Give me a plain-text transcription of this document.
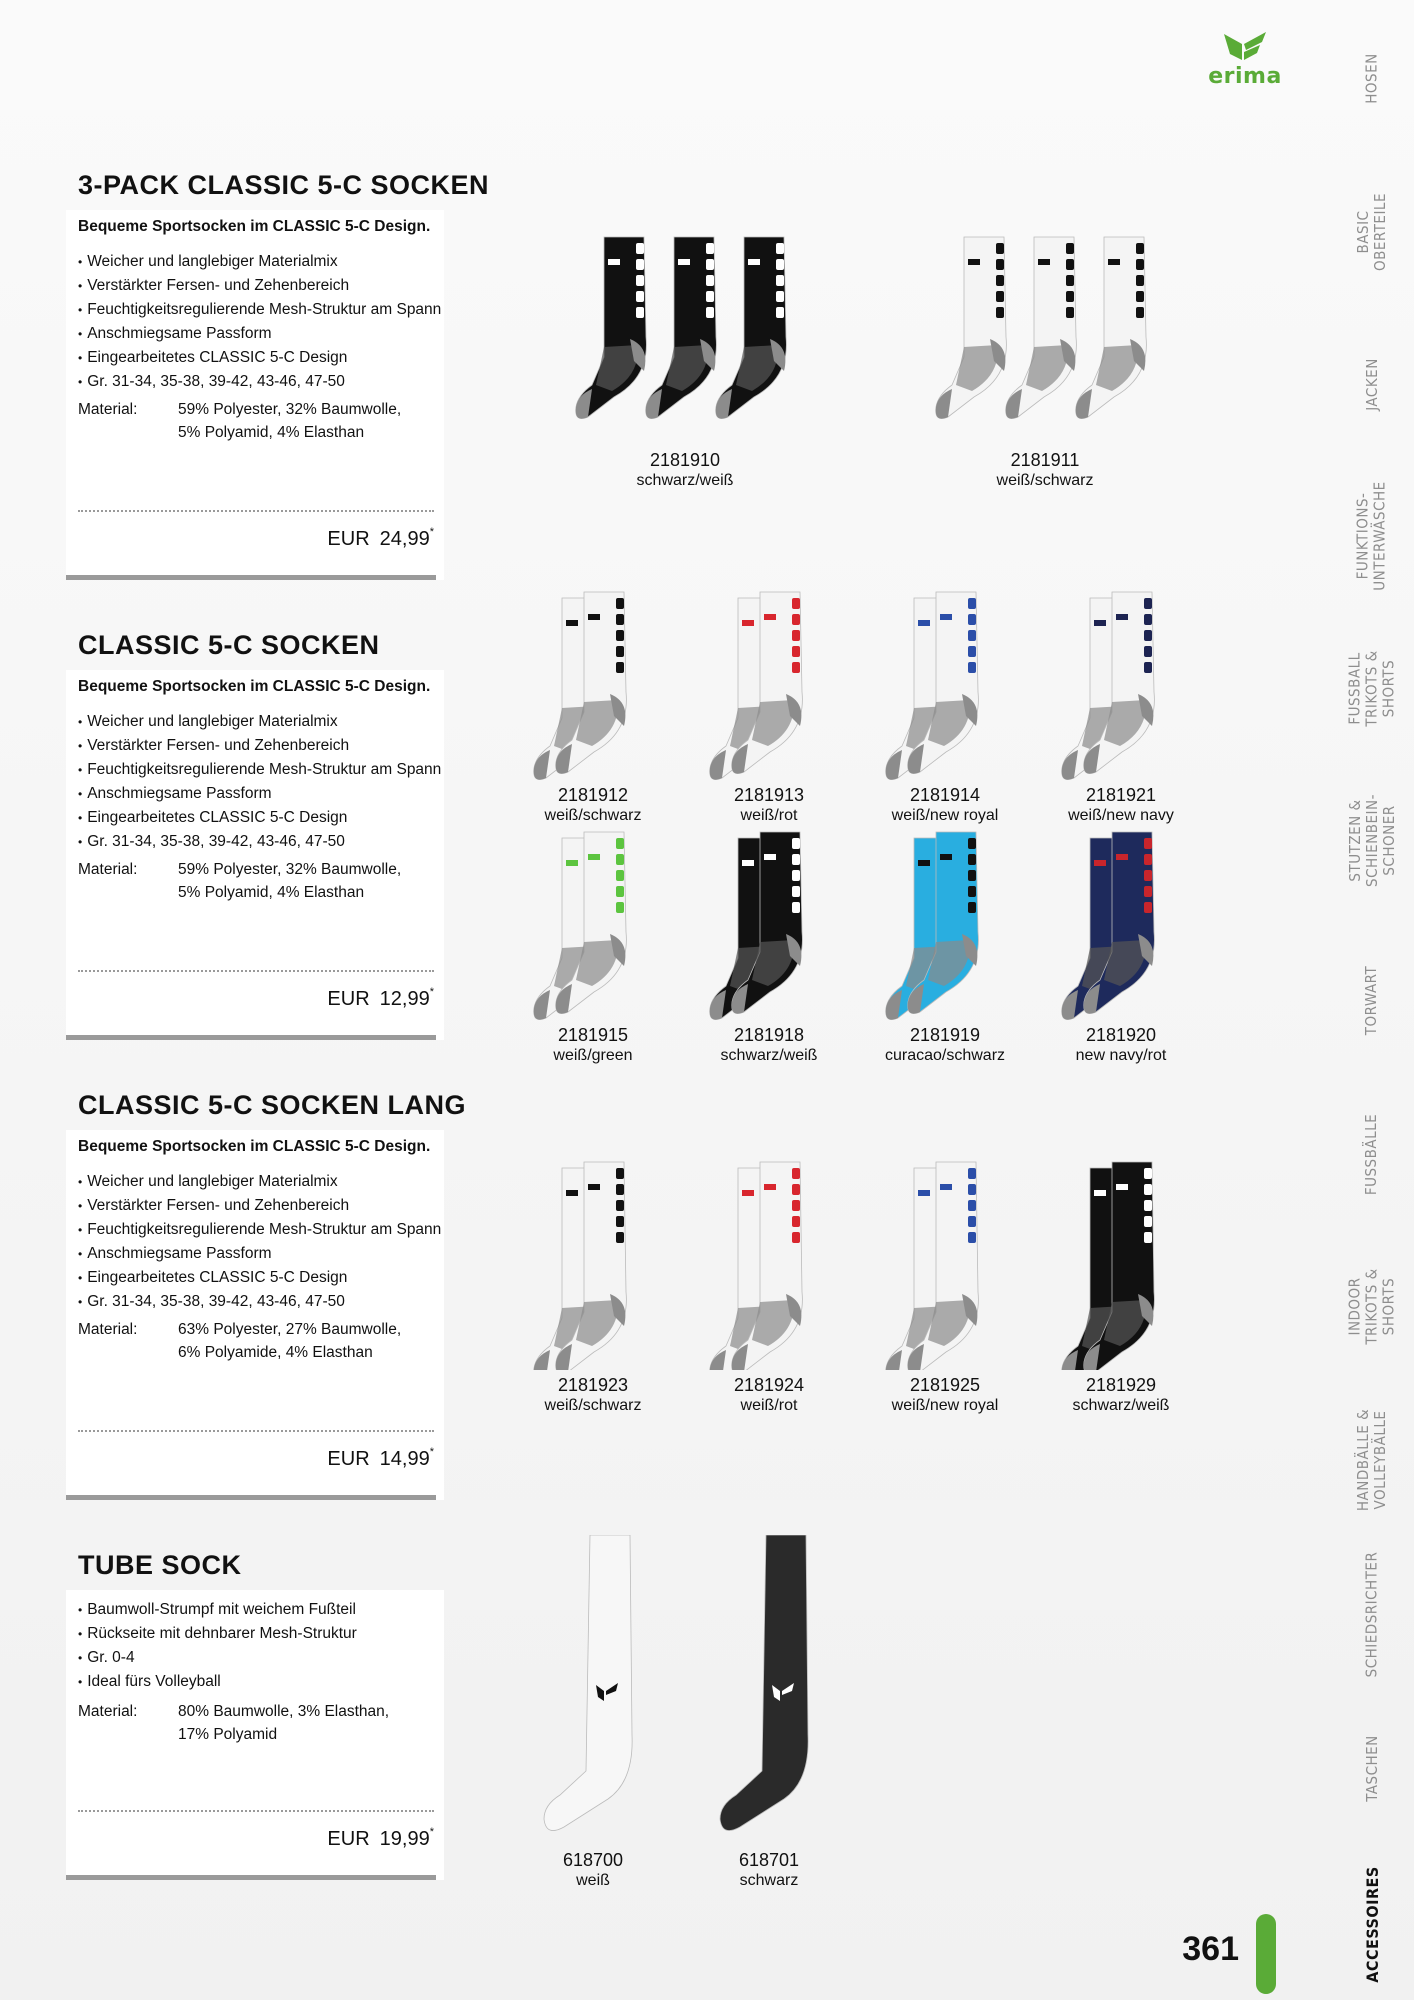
erima	HOSEN
BASIC
OBERTEILE
JACKEN
FUNKTIONS-
UNTERWÄSCHE
FUSSBALL
TRIKOTS &
SHORTS
STUTZEN &
SCHIENBEIN-
SCHONER
TORWART
FUSSBÄLLE
INDOOR
TRIKOTS &
SHORTS
HANDBÄLLE &
VOLLEYBÄLLE
SCHIEDSRICHTER
TASCHEN
ACCESSOIRES
3-PACK CLASSIC 5-C SOCKEN
Bequeme Sportsocken im CLASSIC 5-C Design.
• Weicher und langlebiger Materialmix
• Verstärkter Fersen- und Zehenbereich
• Feuchtigkeitsregulierende Mesh-Struktur am Spann
• Anschmiegsame Passform
• Eingearbeitetes CLASSIC 5-C Design
• Gr. 31-34, 35-38, 39-42, 43-46, 47-50
Material:	59% Polyester, 32% Baumwolle,
5% Polyamid, 4% Elasthan
EUR 24,99*
CLASSIC 5-C SOCKEN
Bequeme Sportsocken im CLASSIC 5-C Design.
• Weicher und langlebiger Materialmix
• Verstärkter Fersen- und Zehenbereich
• Feuchtigkeitsregulierende Mesh-Struktur am Spann
• Anschmiegsame Passform
• Eingearbeitetes CLASSIC 5-C Design
• Gr. 31-34, 35-38, 39-42, 43-46, 47-50
Material:	59% Polyester, 32% Baumwolle,
5% Polyamid, 4% Elasthan
EUR 12,99*
CLASSIC 5-C SOCKEN LANG
Bequeme Sportsocken im CLASSIC 5-C Design.
• Weicher und langlebiger Materialmix
• Verstärkter Fersen- und Zehenbereich
• Feuchtigkeitsregulierende Mesh-Struktur am Spann
• Anschmiegsame Passform
• Eingearbeitetes CLASSIC 5-C Design
• Gr. 31-34, 35-38, 39-42, 43-46, 47-50
Material:	63% Polyester, 27% Baumwolle,
6% Polyamide, 4% Elasthan
EUR 14,99*
TUBE SOCK
• Baumwoll-Strumpf mit weichem Fußteil
• Rückseite mit dehnbarer Mesh-Struktur
• Gr. 0-4
• Ideal fürs Volleyball
Material:	80% Baumwolle, 3% Elasthan,
17% Polyamid
EUR 19,99*
361
2181910
schwarz/weiß
2181911
weiß/schwarz
2181912
weiß/schwarz
2181913
weiß/rot
2181914
weiß/new royal
2181921
weiß/new navy
2181915
weiß/green
2181918
schwarz/weiß
2181919
curacao/schwarz
2181920
new navy/rot
2181923
weiß/schwarz
2181924
weiß/rot
2181925
weiß/new royal
2181929
schwarz/weiß
618700
weiß
618701
schwarz
